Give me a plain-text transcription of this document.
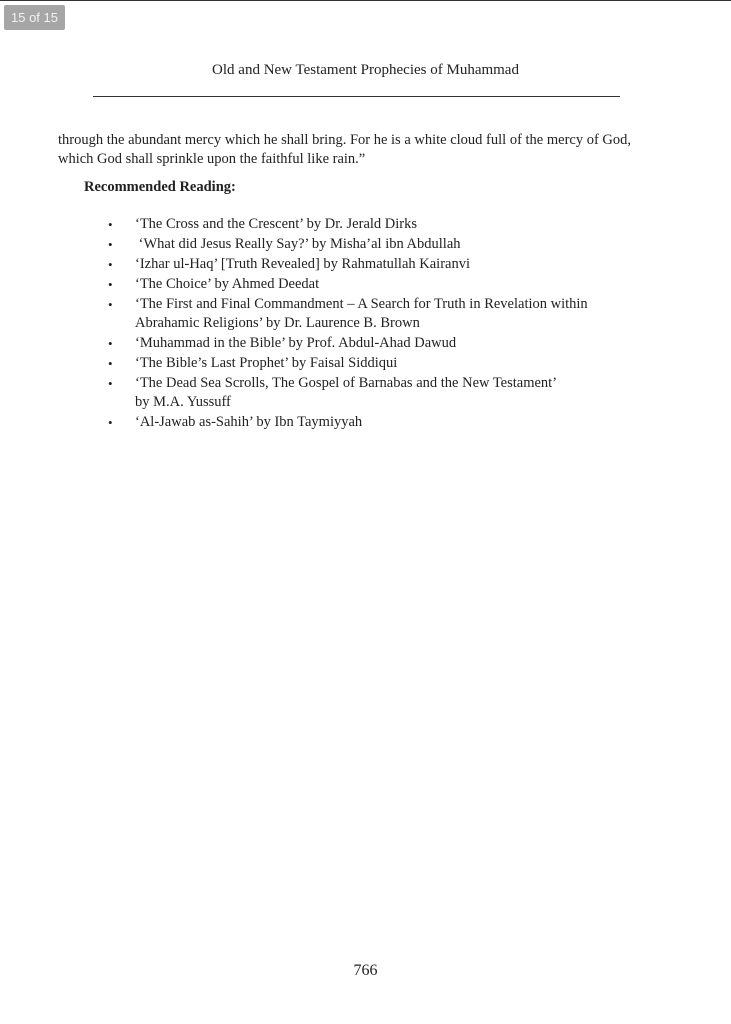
15 of 15
Old and New Testament Prophecies of Muhammad

through the abundant mercy which he shall bring. For he is a white cloud full of the mercy of God,

which God shall sprinkle upon the faithful like rain.”

Recommended Reading:
• ‘The Cross and the Crescent’ by Dr. Jerald Dirks
• ‘What did Jesus Really Say?’ by Misha’al ibn Abdullah
• ‘Izhar ul-Haq’ [Truth Revealed] by Rahmatullah Kairanvi
• ‘The Choice’ by Ahmed Deedat
• ‘The First and Final Commandment – A Search for Truth in Revelation within
Abrahamic Religions’ by Dr. Laurence B. Brown
• ‘Muhammad in the Bible’ by Prof. Abdul-Ahad Dawud
• ‘The Bible’s Last Prophet’ by Faisal Siddiqui
• ‘The Dead Sea Scrolls, The Gospel of Barnabas and the New Testament’
by M.A. Yussuff
• ‘Al-Jawab as-Sahih’ by Ibn Taymiyyah
766
